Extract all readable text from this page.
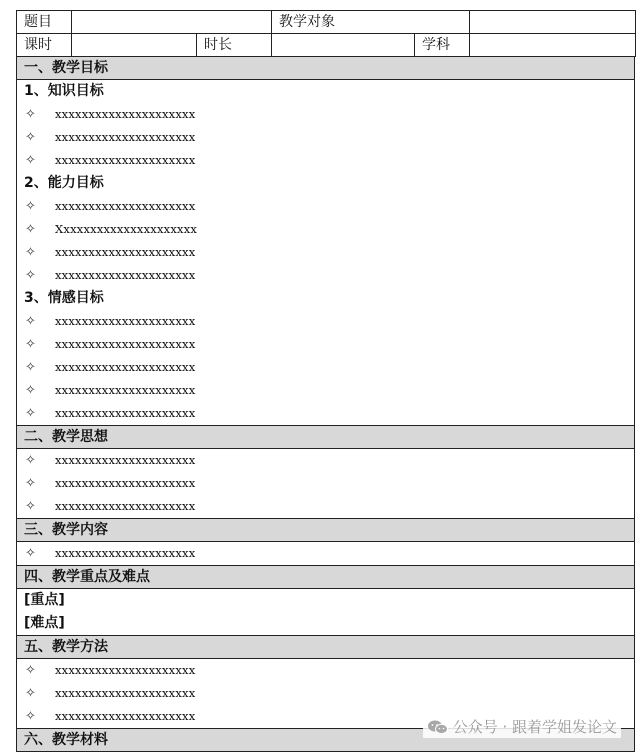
题目			教学对象		
课时		时长		学科	
一、教学目标
1、知识目标
✧ xxxxxxxxxxxxxxxxxxxxx
✧ xxxxxxxxxxxxxxxxxxxxx
✧ xxxxxxxxxxxxxxxxxxxxx
2、能力目标
✧ xxxxxxxxxxxxxxxxxxxxx
✧ Xxxxxxxxxxxxxxxxxxxxx
✧ xxxxxxxxxxxxxxxxxxxxx
✧ xxxxxxxxxxxxxxxxxxxxx
3、情感目标
✧ xxxxxxxxxxxxxxxxxxxxx
✧ xxxxxxxxxxxxxxxxxxxxx
✧ xxxxxxxxxxxxxxxxxxxxx
✧ xxxxxxxxxxxxxxxxxxxxx
✧ xxxxxxxxxxxxxxxxxxxxx
二、教学思想
✧ xxxxxxxxxxxxxxxxxxxxx
✧ xxxxxxxxxxxxxxxxxxxxx
✧ xxxxxxxxxxxxxxxxxxxxx
三、教学内容
✧ xxxxxxxxxxxxxxxxxxxxx
四、教学重点及难点
[重点]
[难点]
五、教学方法
✧ xxxxxxxxxxxxxxxxxxxxx
✧ xxxxxxxxxxxxxxxxxxxxx
✧ xxxxxxxxxxxxxxxxxxxxx
六、教学材料
公众号 · 跟着学姐发论文
